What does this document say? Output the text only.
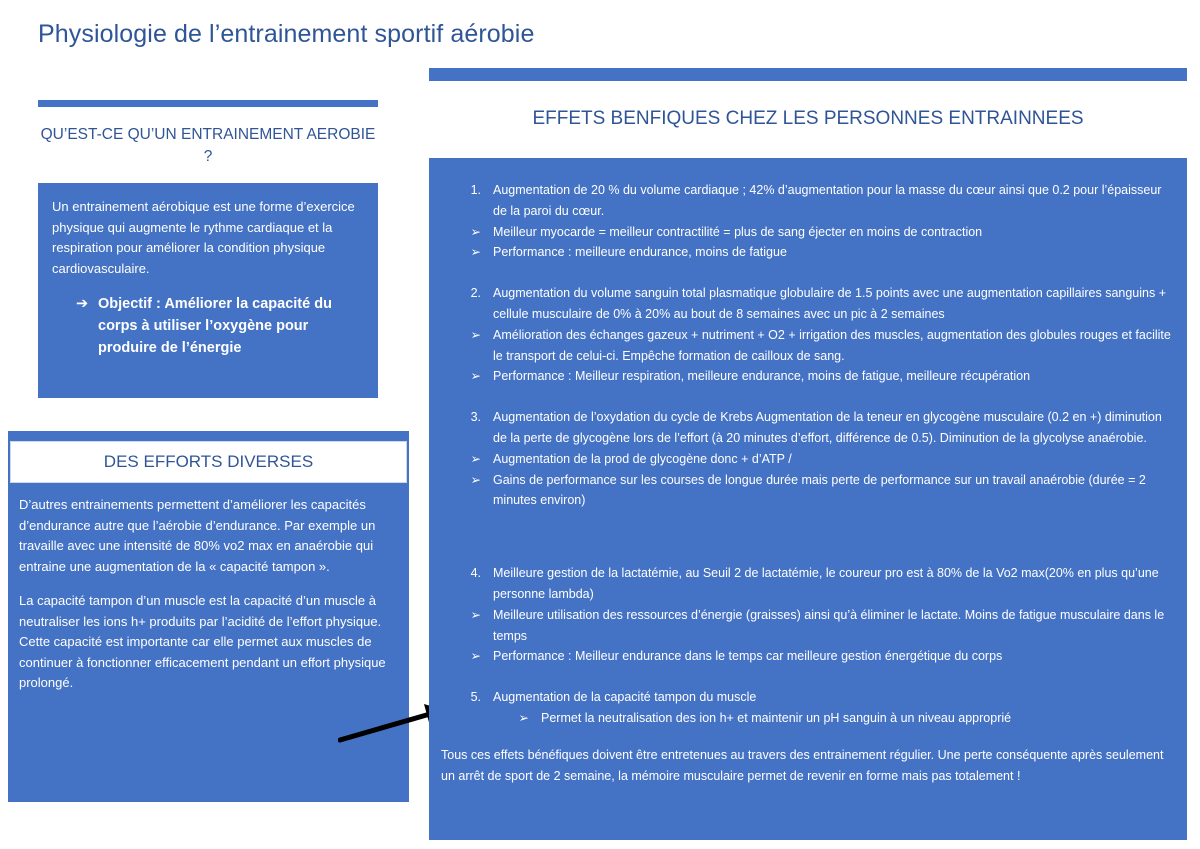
Physiologie de l’entrainement sportif aérobie
QU’EST-CE QU’UN ENTRAINEMENT AEROBIE ?
Un entrainement aérobique est une forme d’exercice physique qui augmente le rythme cardiaque et la respiration pour améliorer la condition physique cardiovasculaire.
➔ Objectif : Améliorer la capacité du corps à utiliser l’oxygène pour produire de l’énergie
DES EFFORTS DIVERSES

D’autres entrainements permettent d’améliorer les capacités d’endurance autre que l’aérobie d’endurance. Par exemple un travaille avec une intensité de 80% vo2 max en anaérobie qui entraine une augmentation de la « capacité tampon ».

La capacité tampon d’un muscle est la capacité d’un muscle à neutraliser les ions h+ produits par l’acidité de l’effort physique. Cette capacité est importante car elle permet aux muscles de continuer à fonctionner efficacement pendant un effort physique prolongé.

EFFETS BENFIQUES CHEZ LES PERSONNES ENTRAINNEES
1. Augmentation de 20 % du volume cardiaque ; 42% d’augmentation pour la masse du cœur ainsi que 0.2 pour l’épaisseur de la paroi du cœur.
➢ Meilleur myocarde = meilleur contractilité = plus de sang éjecter en moins de contraction
➢ Performance : meilleure endurance, moins de fatigue
2. Augmentation du volume sanguin total plasmatique globulaire de 1.5 points avec une augmentation capillaires sanguins + cellule musculaire de 0% à 20% au bout de 8 semaines avec un pic à 2 semaines
➢ Amélioration des échanges gazeux + nutriment + O2 + irrigation des muscles, augmentation des globules rouges et facilite le transport de celui-ci. Empêche formation de cailloux de sang.
➢ Performance : Meilleur respiration, meilleure endurance, moins de fatigue, meilleure récupération
3. Augmentation de l’oxydation du cycle de Krebs Augmentation de la teneur en glycogène musculaire (0.2 en +) diminution de la perte de glycogène lors de l’effort (à 20 minutes d’effort, différence de 0.5). Diminution de la glycolyse anaérobie.
➢ Augmentation de la prod de glycogène donc + d’ATP /
➢ Gains de performance sur les courses de longue durée mais perte de performance sur un travail anaérobie (durée = 2 minutes environ)
4. Meilleure gestion de la lactatémie, au Seuil 2 de lactatémie, le coureur pro est à 80% de la Vo2 max(20% en plus qu’une personne lambda)
➢ Meilleure utilisation des ressources d’énergie (graisses) ainsi qu’à éliminer le lactate. Moins de fatigue musculaire dans le temps
➢ Performance : Meilleur endurance dans le temps car meilleure gestion énergétique du corps
5. Augmentation de la capacité tampon du muscle
➢ Permet la neutralisation des ion h+ et maintenir un pH sanguin à un niveau approprié
Tous ces effets bénéfiques doivent être entretenues au travers des entrainement régulier. Une perte conséquente après seulement un arrêt de sport de 2 semaine, la mémoire musculaire permet de revenir en forme mais pas totalement !
